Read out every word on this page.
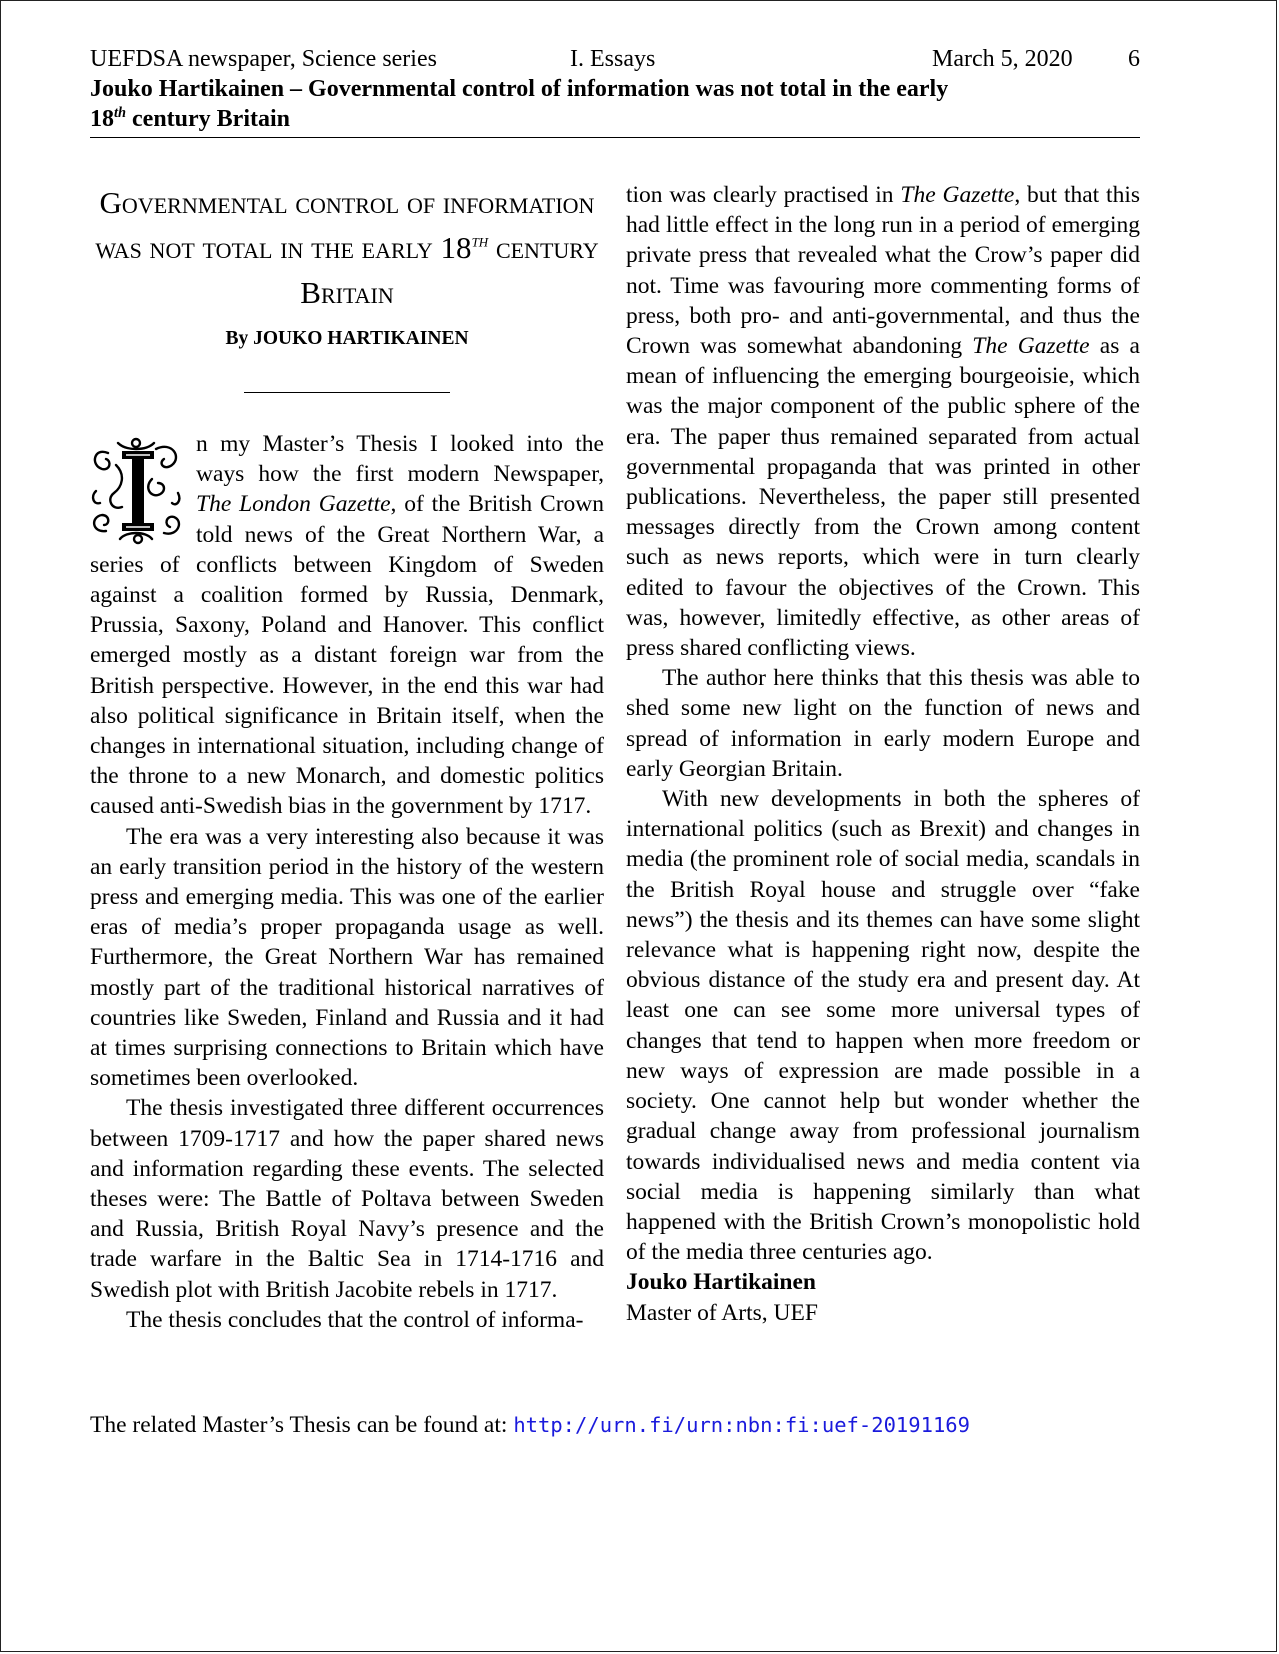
UEFDSA newspaper, Science series	I. Essays	March 5, 2020 6
Jouko Hartikainen – Governmental control of information was not total in the early 18th century Britain
Governmental control of information was not total in the early 18th century Britain
By JOUKO HARTIKAINEN

n my Master’s Thesis I looked into the ways how the first modern Newspaper, The London Gazette, of the British Crown told news of the Great Northern War, a series of conflicts between Kingdom of Sweden against a coalition formed by Russia, Denmark, Prussia, Saxony, Poland and Hanover. This conflict emerged mostly as a distant foreign war from the British perspective. However, in the end this war had also political significance in Britain itself, when the changes in international situation, including change of the throne to a new Monarch, and domestic politics caused anti-Swedish bias in the government by 1717.

The era was a very interesting also because it was an early transition period in the history of the western press and emerging media. This was one of the earlier eras of media’s proper propaganda usage as well. Furthermore, the Great Northern War has remained mostly part of the traditional historical narratives of countries like Sweden, Finland and Russia and it had at times surprising connections to Britain which have sometimes been overlooked.

The thesis investigated three different occurrences between 1709-1717 and how the paper shared news and information regarding these events. The selected theses were: The Battle of Poltava between Sweden and Russia, British Royal Navy’s presence and the trade warfare in the Baltic Sea in 1714-1716 and Swedish plot with British Jacobite rebels in 1717.

The thesis concludes that the control of informa-

tion was clearly practised in The Gazette, but that this had little effect in the long run in a period of emerging private press that revealed what the Crow’s paper did not. Time was favouring more commenting forms of press, both pro- and anti-governmental, and thus the Crown was somewhat abandoning The Gazette as a mean of influencing the emerging bourgeoisie, which was the major component of the public sphere of the era. The paper thus remained separated from actual governmental propaganda that was printed in other publications. Nevertheless, the paper still presented messages directly from the Crown among content such as news reports, which were in turn clearly edited to favour the objectives of the Crown. This was, however, limitedly effective, as other areas of press shared conflicting views.

The author here thinks that this thesis was able to shed some new light on the function of news and spread of information in early modern Europe and early Georgian Britain.

With new developments in both the spheres of international politics (such as Brexit) and changes in media (the prominent role of social media, scandals in the British Royal house and struggle over “fake news”) the thesis and its themes can have some slight relevance what is happening right now, despite the obvious distance of the study era and present day. At least one can see some more universal types of changes that tend to happen when more freedom or new ways of expression are made possible in a society. One cannot help but wonder whether the gradual change away from professional journalism towards individualised news and media content via social media is happening similarly than what happened with the British Crown’s monopolistic hold of the media three centuries ago.

Jouko Hartikainen

Master of Arts, UEF

The related Master’s Thesis can be found at: http://urn.fi/urn:nbn:fi:uef-20191169
